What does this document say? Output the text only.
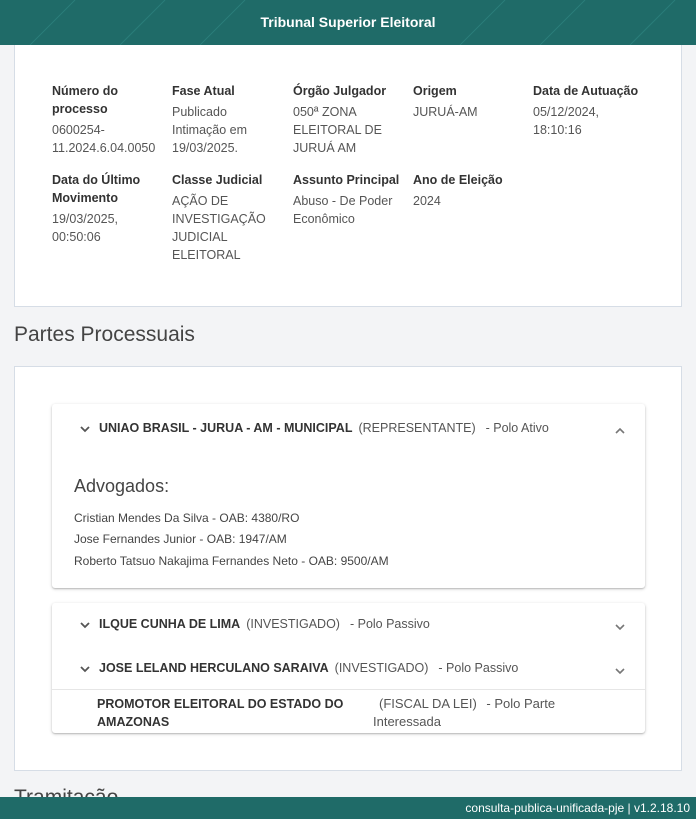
Tribunal Superior Eleitoral
Número do processo
0600254-11.2024.6.04.0050
Fase Atual
Publicado Intimação em 19/03/2025.
Órgão Julgador
050ª ZONA ELEITORAL DE JURUÁ AM
Origem
JURUÁ-AM
Data de Autuação
05/12/2024, 18:10:16
Data do Último Movimento
19/03/2025, 00:50:06
Classe Judicial
AÇÃO DE INVESTIGAÇÃO JUDICIAL ELEITORAL
Assunto Principal
Abuso - De Poder Econômico
Ano de Eleição
2024
Partes Processuais
UNIAO BRASIL - JURUA - AM - MUNICIPAL (REPRESENTANTE) - Polo Ativo
Advogados:
Cristian Mendes Da Silva - OAB: 4380/RO
Jose Fernandes Junior - OAB: 1947/AM
Roberto Tatsuo Nakajima Fernandes Neto - OAB: 9500/AM
ILQUE CUNHA DE LIMA (INVESTIGADO) - Polo Passivo
JOSE LELAND HERCULANO SARAIVA (INVESTIGADO) - Polo Passivo
PROMOTOR ELEITORAL DO ESTADO DO AMAZONAS
(FISCAL DA LEI) - Polo Parte Interessada
consulta-publica-unificada-pje | v1.2.18.10
